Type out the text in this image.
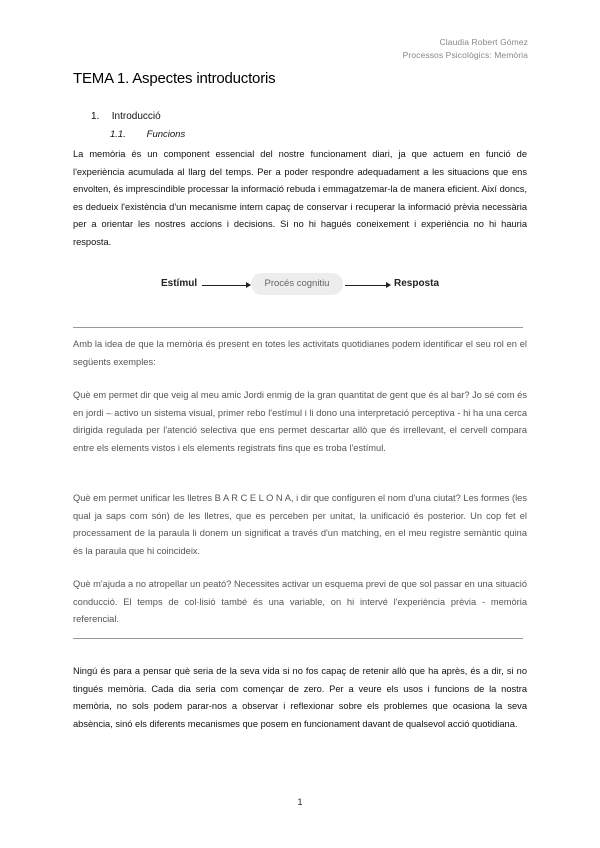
Claudia Robert Gómez
Processos Psicològics: Memòria
TEMA 1. Aspectes introductoris
1. Introducció
1.1. Funcions
La memòria és un component essencial del nostre funcionament diari, ja que actuem en funció de l'experiència acumulada al llarg del temps. Per a poder respondre adequadament a les situacions que ens envolten, és imprescindible processar la informació rebuda i emmagatzemar-la de manera eficient. Així doncs, es dedueix l'existència d'un mecanisme intern capaç de conservar i recuperar la informació prèvia necessària per a orientar les nostres accions i decisions. Si no hi hagués coneixement i experiència no hi hauria resposta.
Estímul	Procés cognitiu	Resposta
Amb la idea de que la memòria és present en totes les activitats quotidianes podem identificar el seu rol en el següents exemples:
Què em permet dir que veig al meu amic Jordi enmig de la gran quantitat de gent que és al bar? Jo sé com és en jordi – activo un sistema visual, primer rebo l'estímul i li dono una interpretació perceptiva - hi ha una cerca dirigida regulada per l'atenció selectiva que ens permet descartar allò que és irrellevant, el cervell compara entre els elements vistos i els elements registrats fins que es troba l'estímul.
Què em permet unificar les lletres B A R C E L O N A, i dir que configuren el nom d'una ciutat? Les formes (les qual ja saps com són) de les lletres, que es perceben per unitat, la unificació és posterior. Un cop fet el processament de la paraula li donem un significat a través d'un matching, en el meu registre semàntic quina és la paraula que hi coincideix.
Què m'ajuda a no atropellar un peató? Necessites activar un esquema previ de que sol passar en una situació conducció. El temps de col·lisió també és una variable, on hi intervé l'experiència prèvia - memòria referencial.
Ningú és para a pensar què seria de la seva vida si no fos capaç de retenir allò que ha après, és a dir, si no tingués memòria. Cada dia seria com començar de zero. Per a veure els usos i funcions de la nostra memòria, no sols podem parar-nos a observar i reflexionar sobre els problemes que ocasiona la seva absència, sinó els diferents mecanismes que posem en funcionament davant de qualsevol acció quotidiana.
1
